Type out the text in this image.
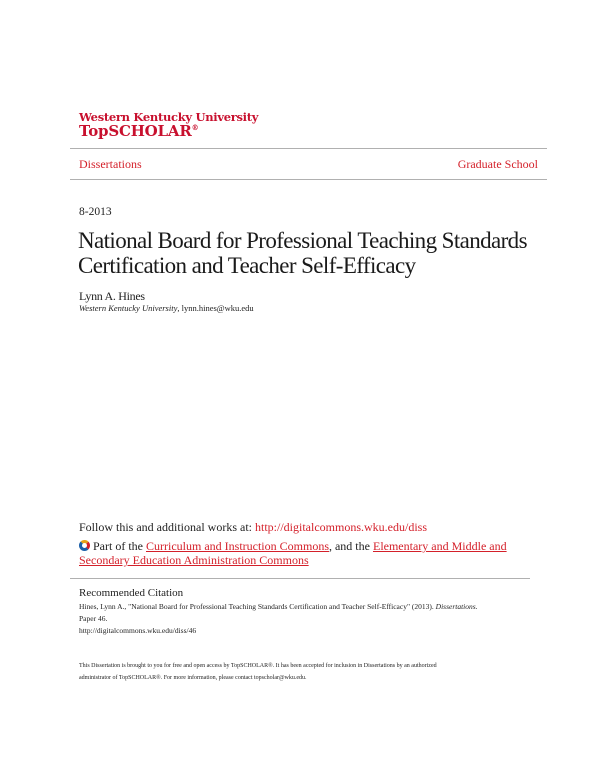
Western Kentucky University
TopSCHOLAR®
Dissertations	Graduate School
8-2013
National Board for Professional Teaching Standards
Certification and Teacher Self-Efficacy
Lynn A. Hines
Western Kentucky University, lynn.hines@wku.edu
Follow this and additional works at: http://digitalcommons.wku.edu/diss
Part of the Curriculum and Instruction Commons, and the Elementary and Middle and
Secondary Education Administration Commons
Recommended Citation
Hines, Lynn A., "National Board for Professional Teaching Standards Certification and Teacher Self-Efficacy" (2013). Dissertations.
Paper 46.
http://digitalcommons.wku.edu/diss/46
This Dissertation is brought to you for free and open access by TopSCHOLAR®. It has been accepted for inclusion in Dissertations by an authorized
administrator of TopSCHOLAR®. For more information, please contact topscholar@wku.edu.
